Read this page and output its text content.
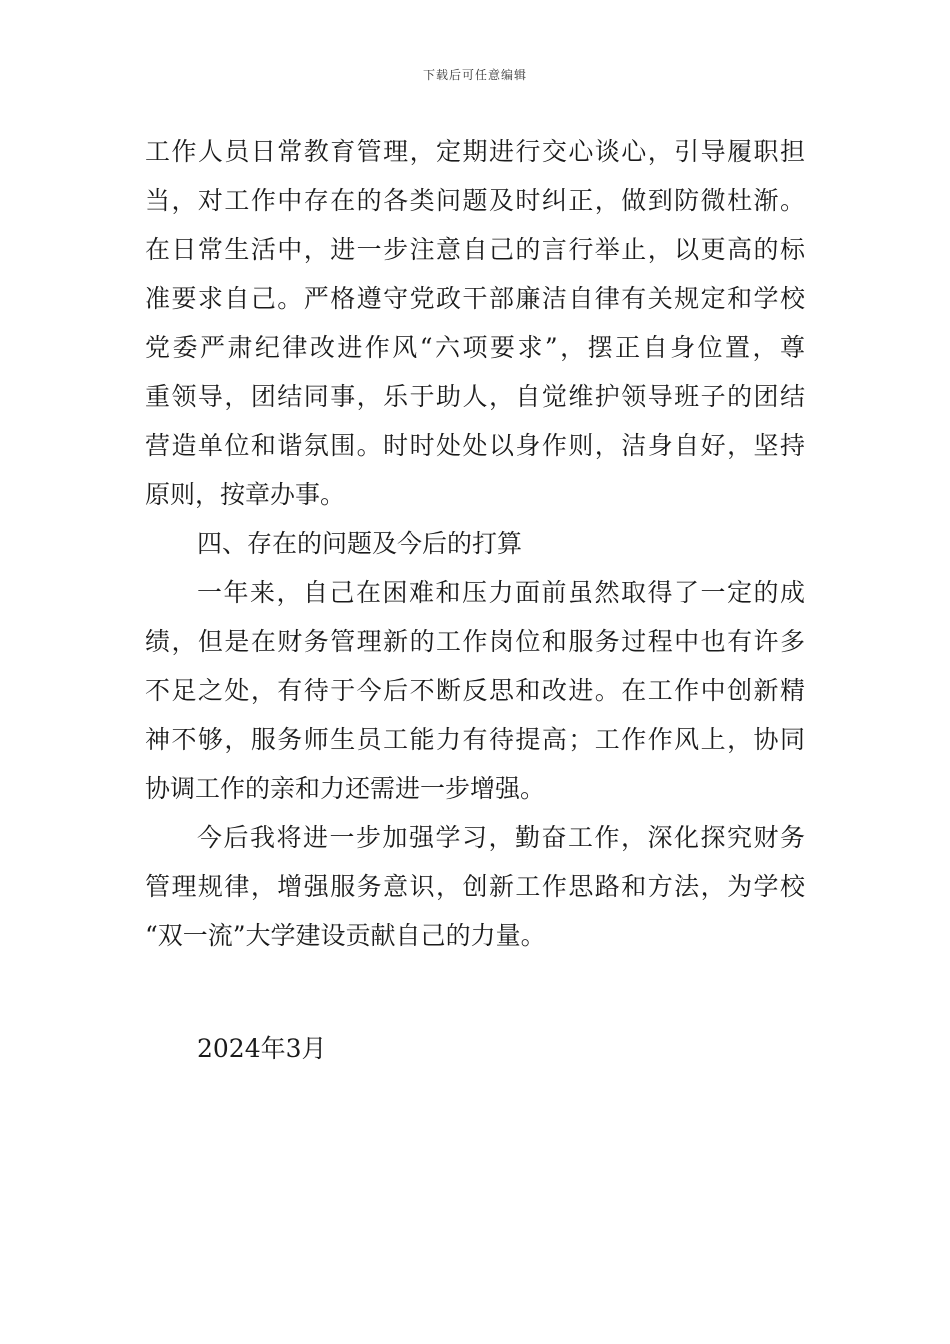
下载后可任意编辑
工作人员日常教育管理，定期进行交心谈心，引导履职担
当，对工作中存在的各类问题及时纠正，做到防微杜渐。
在日常生活中，进一步注意自己的言行举止，以更高的标
准要求自己。严格遵守党政干部廉洁自律有关规定和学校
党委严肃纪律改进作风“六项要求”，摆正自身位置，尊
重领导，团结同事，乐于助人，自觉维护领导班子的团结
营造单位和谐氛围。时时处处以身作则，洁身自好，坚持
原则，按章办事。
四、存在的问题及今后的打算
一年来，自己在困难和压力面前虽然取得了一定的成
绩，但是在财务管理新的工作岗位和服务过程中也有许多
不足之处，有待于今后不断反思和改进。在工作中创新精
神不够，服务师生员工能力有待提高；工作作风上，协同
协调工作的亲和力还需进一步增强。
今后我将进一步加强学习，勤奋工作，深化探究财务
管理规律，增强服务意识，创新工作思路和方法，为学校
“双一流”大学建设贡献自己的力量。
2024年3月
